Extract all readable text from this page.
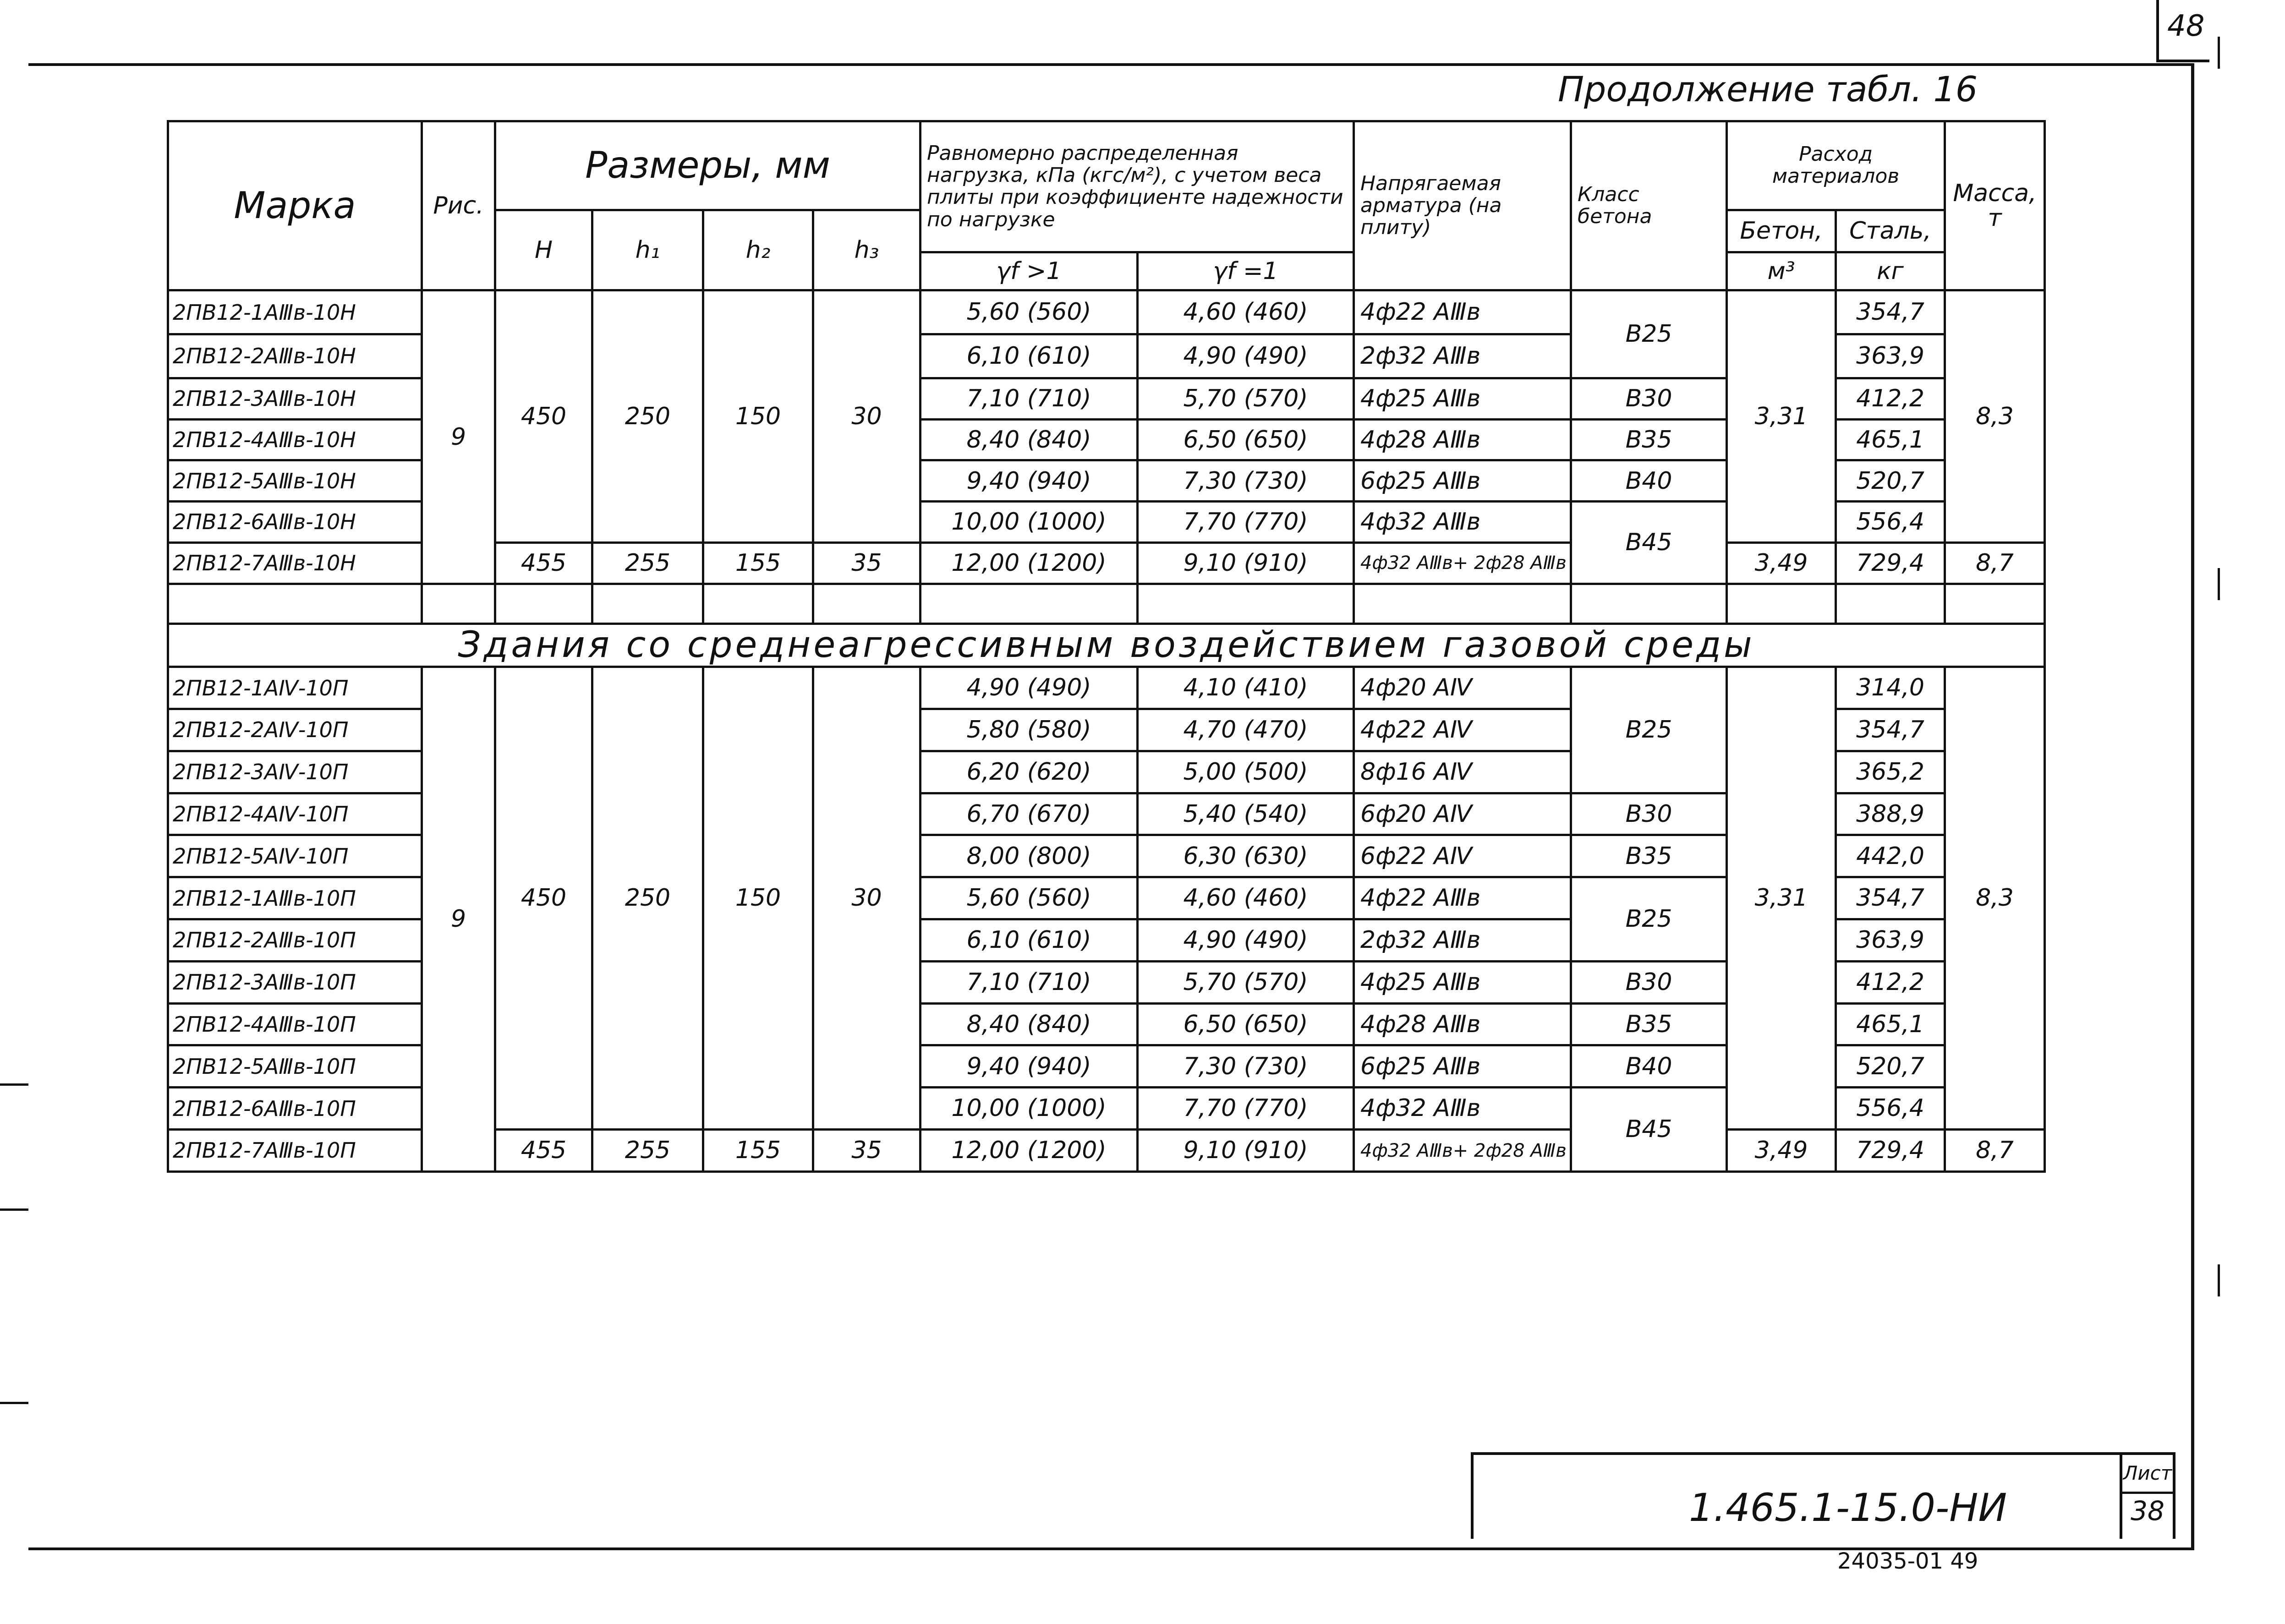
48
Продолжение табл. 16
Марка	Рис.	Размеры, мм				Равномерно распределенная нагрузка, кПа (кгс/м²), с учетом веса плиты при коэффициенте надежности по нагрузке		Напрягаемая арматура (на плиту)	Класс бетона	Расход материалов		Масса,
т

		H	h₁	h₂	h₃					Бетон,	Сталь,	
						γf >1	γf =1			м³	кг	
2ПВ12-1АⅢв-10Н	9	450	250	150	30	5,60 (560)	4,60 (460)	4ф22 АⅢв	В25	3,31	354,7	8,3
2ПВ12-2АⅢв-10Н						6,10 (610)	4,90 (490)	2ф32 АⅢв			363,9	
2ПВ12-3АⅢв-10Н						7,10 (710)	5,70 (570)	4ф25 АⅢв	В30		412,2	
2ПВ12-4АⅢв-10Н						8,40 (840)	6,50 (650)	4ф28 АⅢв	В35		465,1	
2ПВ12-5АⅢв-10Н						9,40 (940)	7,30 (730)	6ф25 АⅢв	В40		520,7	
2ПВ12-6АⅢв-10Н						10,00 (1000)	7,70 (770)	4ф32 АⅢв	В45		556,4	
2ПВ12-7АⅢв-10Н		455	255	155	35	12,00 (1200)	9,10 (910)	4ф32 АⅢв+ 2ф28 АⅢв		3,49	729,4	8,7

Здания со среднеагрессивным воздействием газовой среды												
2ПВ12-1АⅣ-10П	9	450	250	150	30	4,90 (490)	4,10 (410)	4ф20 АⅣ	В25	3,31	314,0	8,3
2ПВ12-2АⅣ-10П						5,80 (580)	4,70 (470)	4ф22 АⅣ			354,7	
2ПВ12-3АⅣ-10П						6,20 (620)	5,00 (500)	8ф16 АⅣ			365,2	
2ПВ12-4АⅣ-10П						6,70 (670)	5,40 (540)	6ф20 АⅣ	В30		388,9	
2ПВ12-5АⅣ-10П						8,00 (800)	6,30 (630)	6ф22 АⅣ	В35		442,0	
2ПВ12-1АⅢв-10П						5,60 (560)	4,60 (460)	4ф22 АⅢв	В25		354,7	
2ПВ12-2АⅢв-10П						6,10 (610)	4,90 (490)	2ф32 АⅢв			363,9	
2ПВ12-3АⅢв-10П						7,10 (710)	5,70 (570)	4ф25 АⅢв	В30		412,2	
2ПВ12-4АⅢв-10П						8,40 (840)	6,50 (650)	4ф28 АⅢв	В35		465,1	
2ПВ12-5АⅢв-10П						9,40 (940)	7,30 (730)	6ф25 АⅢв	В40		520,7	
2ПВ12-6АⅢв-10П						10,00 (1000)	7,70 (770)	4ф32 АⅢв	В45		556,4	
2ПВ12-7АⅢв-10П		455	255	155	35	12,00 (1200)	9,10 (910)	4ф32 АⅢв+ 2ф28 АⅢв		3,49	729,4	8,7
1.465.1-15.0-НИ
Лист
38
24035-01 49
